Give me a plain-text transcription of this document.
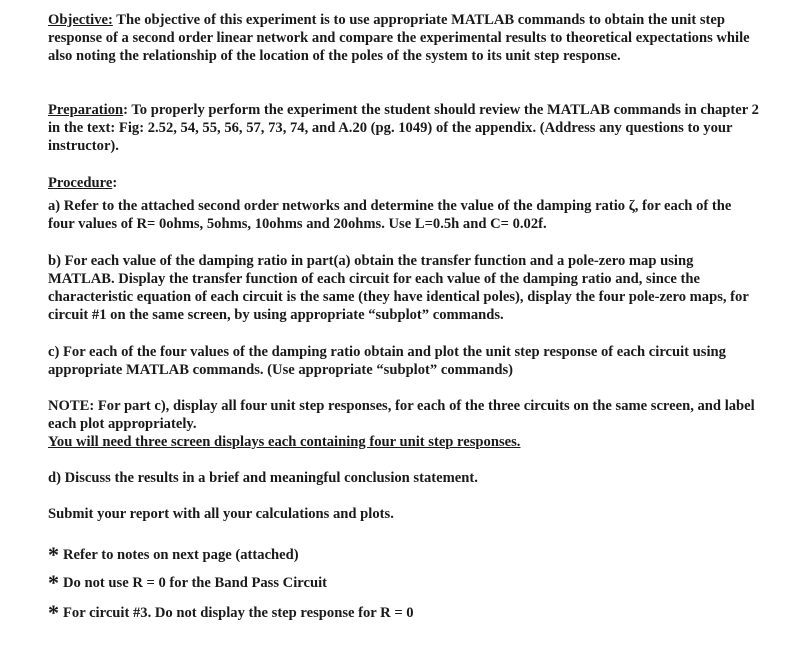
Objective: The objective of this experiment is to use appropriate MATLAB commands to obtain the unit step response of a second order linear network and compare the experimental results to theoretical expectations while also noting the relationship of the location of the poles of the system to its unit step response.

Preparation: To properly perform the experiment the student should review the MATLAB commands in chapter 2 in the text: Fig: 2.52, 54, 55, 56, 57, 73, 74, and A.20 (pg. 1049) of the appendix. (Address any questions to your instructor).

Procedure:

a) Refer to the attached second order networks and determine the value of the damping ratio ζ, for each of the four values of R= 0ohms, 5ohms, 10ohms and 20ohms. Use L=0.5h and C= 0.02f.

b) For each value of the damping ratio in part(a) obtain the transfer function and a pole-zero map using MATLAB. Display the transfer function of each circuit for each value of the damping ratio and, since the characteristic equation of each circuit is the same (they have identical poles), display the four pole-zero maps, for circuit #1 on the same screen, by using appropriate “subplot” commands.

c) For each of the four values of the damping ratio obtain and plot the unit step response of each circuit using appropriate MATLAB commands. (Use appropriate “subplot” commands)

NOTE: For part c), display all four unit step responses, for each of the three circuits on the same screen, and label each plot appropriately.
You will need three screen displays each containing four unit step responses.

d) Discuss the results in a brief and meaningful conclusion statement.

Submit your report with all your calculations and plots.

* Refer to notes on next page (attached)
* Do not use R = 0 for the Band Pass Circuit
* For circuit #3. Do not display the step response for R = 0
